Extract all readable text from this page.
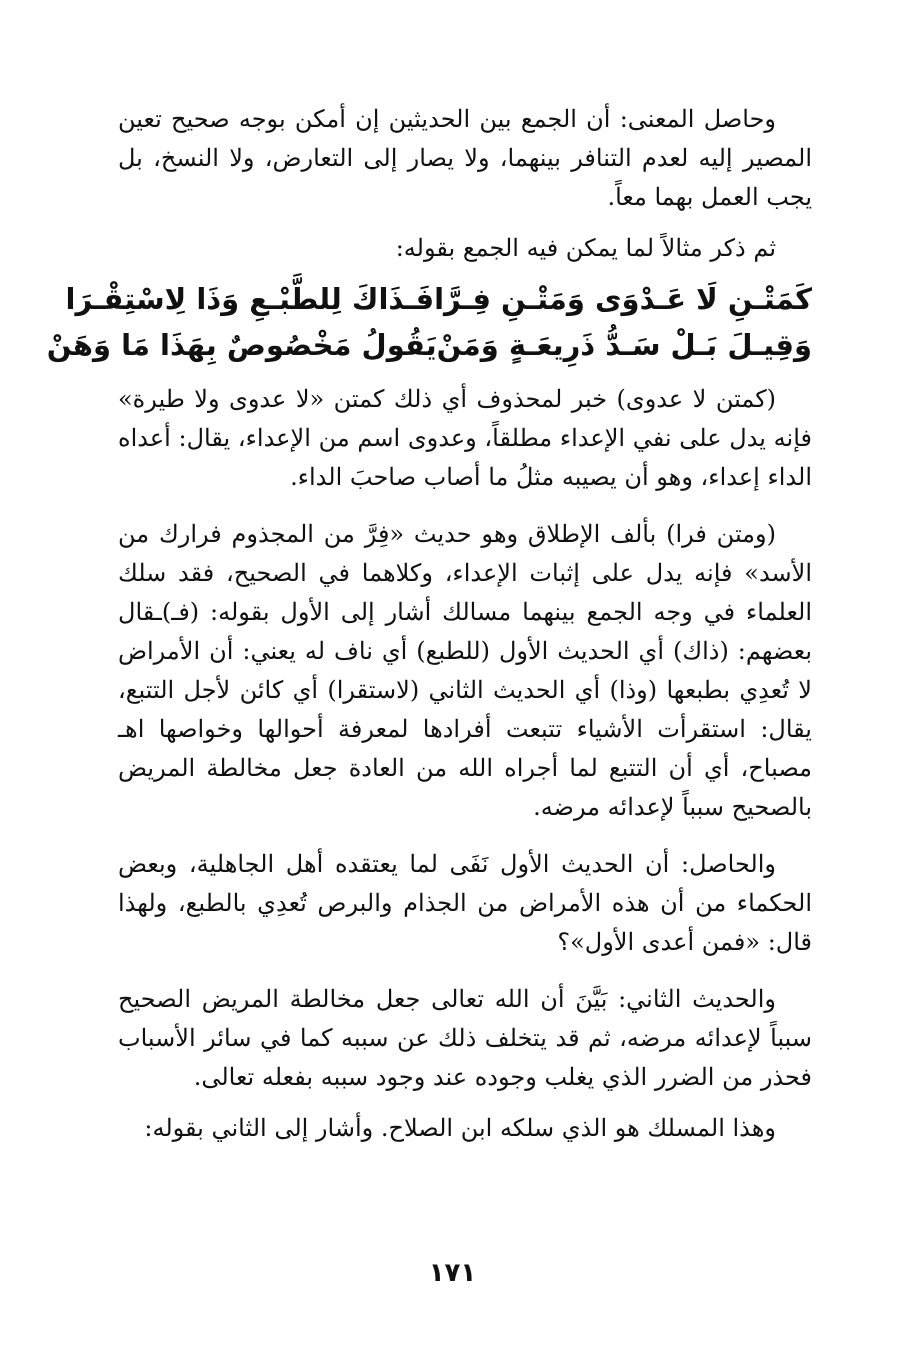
وحاصل المعنى: أن الجمع بين الحديثين إن أمكن بوجه صحيح تعين المصير إليه لعدم التنافر بينهما، ولا يصار إلى التعارض، ولا النسخ، بل يجب العمل بهما معاً.

ثم ذكر مثالاً لما يمكن فيه الجمع بقوله:

كَمَتْـنِ لَا عَـدْوَى وَمَتْـنِ فِـرَّا
فَـذَاكَ لِلطَّبْـعِ وَذَا لِاسْتِقْـرَا
وَقِيـلَ بَـلْ سَـدُّ ذَرِيعَـةٍ وَمَنْ
يَقُولُ مَخْصُوصٌ بِهَذَا مَا وَهَنْ

(كمتن لا عدوى) خبر لمحذوف أي ذلك كمتن «لا عدوى ولا طيرة» فإنه يدل على نفي الإعداء مطلقاً، وعدوى اسم من الإعداء، يقال: أعداه الداء إعداء، وهو أن يصيبه مثلُ ما أصاب صاحبَ الداء.

(ومتن فرا) بألف الإطلاق وهو حديث «فِرَّ من المجذوم فرارك من الأسد» فإنه يدل على إثبات الإعداء، وكلاهما في الصحيح، فقد سلك العلماء في وجه الجمع بينهما مسالك أشار إلى الأول بقوله: (فـ)ـقال بعضهم: (ذاك) أي الحديث الأول (للطبع) أي ناف له يعني: أن الأمراض لا تُعدِي بطبعها (وذا) أي الحديث الثاني (لاستقرا) أي كائن لأجل التتبع، يقال: استقرأت الأشياء تتبعت أفرادها لمعرفة أحوالها وخواصها اهـ مصباح، أي أن التتبع لما أجراه الله من العادة جعل مخالطة المريض بالصحيح سبباً لإعدائه مرضه.

والحاصل: أن الحديث الأول نَفَى لما يعتقده أهل الجاهلية، وبعض الحكماء من أن هذه الأمراض من الجذام والبرص تُعدِي بالطبع، ولهذا قال: «فمن أعدى الأول»؟

والحديث الثاني: بَيَّنَ أن الله تعالى جعل مخالطة المريض الصحيح سبباً لإعدائه مرضه، ثم قد يتخلف ذلك عن سببه كما في سائر الأسباب فحذر من الضرر الذي يغلب وجوده عند وجود سببه بفعله تعالى.

وهذا المسلك هو الذي سلكه ابن الصلاح. وأشار إلى الثاني بقوله:

١٧١
